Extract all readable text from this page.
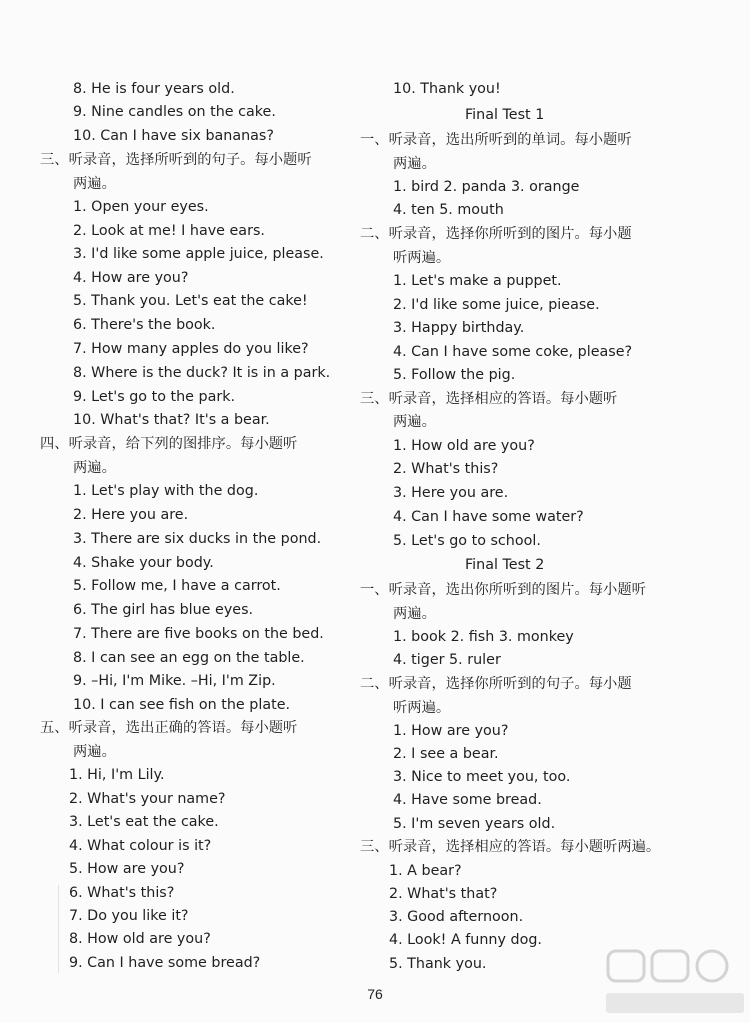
8. He is four years old.
9. Nine candles on the cake.
10. Can I have six bananas?
三、听录音，选择所听到的句子。每小题听
两遍。
1. Open your eyes.
2. Look at me! I have ears.
3. I'd like some apple juice, please.
4. How are you?
5. Thank you. Let's eat the cake!
6. There's the book.
7. How many apples do you like?
8. Where is the duck? It is in a park.
9. Let's go to the park.
10. What's that? It's a bear.
四、听录音，给下列的图排序。每小题听
两遍。
1. Let's play with the dog.
2. Here you are.
3. There are six ducks in the pond.
4. Shake your body.
5. Follow me, I have a carrot.
6. The girl has blue eyes.
7. There are five books on the bed.
8. I can see an egg on the table.
9. –Hi, I'm Mike. –Hi, I'm Zip.
10. I can see fish on the plate.
五、听录音，选出正确的答语。每小题听
两遍。
1. Hi, I'm Lily.
2. What's your name?
3. Let's eat the cake.
4. What colour is it?
5. How are you?
6. What's this?
7. Do you like it?
8. How old are you?
9. Can I have some bread?
10. Thank you!
Final Test 1
一、听录音，选出所听到的单词。每小题听
两遍。
1. bird 2. panda 3. orange
4. ten 5. mouth
二、听录音，选择你所听到的图片。每小题
听两遍。
1. Let's make a puppet.
2. I'd like some juice, piease.
3. Happy birthday.
4. Can I have some coke, please?
5. Follow the pig.
三、听录音，选择相应的答语。每小题听
两遍。
1. How old are you?
2. What's this?
3. Here you are.
4. Can I have some water?
5. Let's go to school.
Final Test 2
一、听录音，选出你所听到的图片。每小题听
两遍。
1. book 2. fish 3. monkey
4. tiger 5. ruler
二、听录音，选择你所听到的句子。每小题
听两遍。
1. How are you?
2. I see a bear.
3. Nice to meet you, too.
4. Have some bread.
5. I'm seven years old.
三、听录音，选择相应的答语。每小题听两遍。
1. A bear?
2. What's that?
3. Good afternoon.
4. Look! A funny dog.
5. Thank you.
76
